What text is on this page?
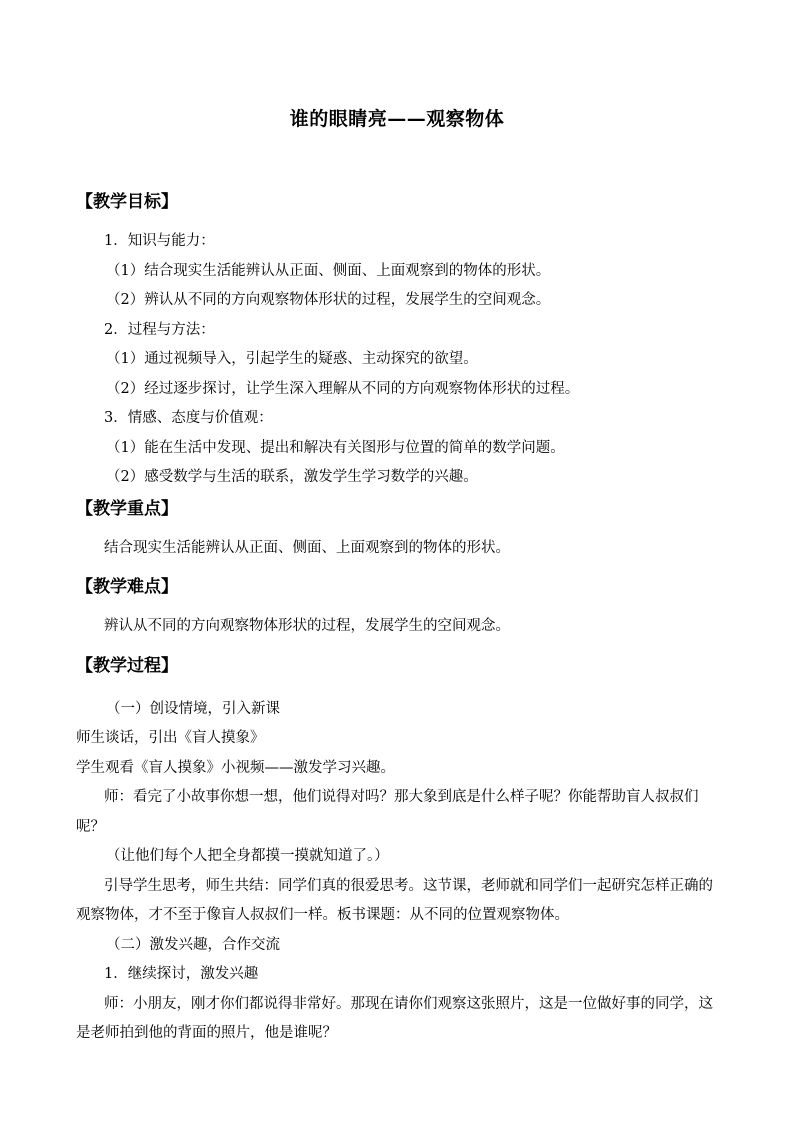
谁的眼睛亮——观察物体
【教学目标】
1．知识与能力：
（1）结合现实生活能辨认从正面、侧面、上面观察到的物体的形状。
（2）辨认从不同的方向观察物体形状的过程，发展学生的空间观念。
2．过程与方法：
（1）通过视频导入，引起学生的疑惑、主动探究的欲望。
（2）经过逐步探讨，让学生深入理解从不同的方向观察物体形状的过程。
3．情感、态度与价值观：
（1）能在生活中发现、提出和解决有关图形与位置的简单的数学问题。
（2）感受数学与生活的联系，激发学生学习数学的兴趣。
【教学重点】
结合现实生活能辨认从正面、侧面、上面观察到的物体的形状。
【教学难点】
辨认从不同的方向观察物体形状的过程，发展学生的空间观念。
【教学过程】
（一）创设情境，引入新课
师生谈话，引出《盲人摸象》
学生观看《盲人摸象》小视频——激发学习兴趣。
师：看完了小故事你想一想，他们说得对吗？那大象到底是什么样子呢？你能帮助盲人叔叔们呢？
（让他们每个人把全身都摸一摸就知道了。）
引导学生思考，师生共结：同学们真的很爱思考。这节课，老师就和同学们一起研究怎样正确的观察物体，才不至于像盲人叔叔们一样。板书课题：从不同的位置观察物体。
（二）激发兴趣，合作交流
1．继续探讨，激发兴趣
师：小朋友，刚才你们都说得非常好。那现在请你们观察这张照片，这是一位做好事的同学，这是老师拍到他的背面的照片，他是谁呢？
